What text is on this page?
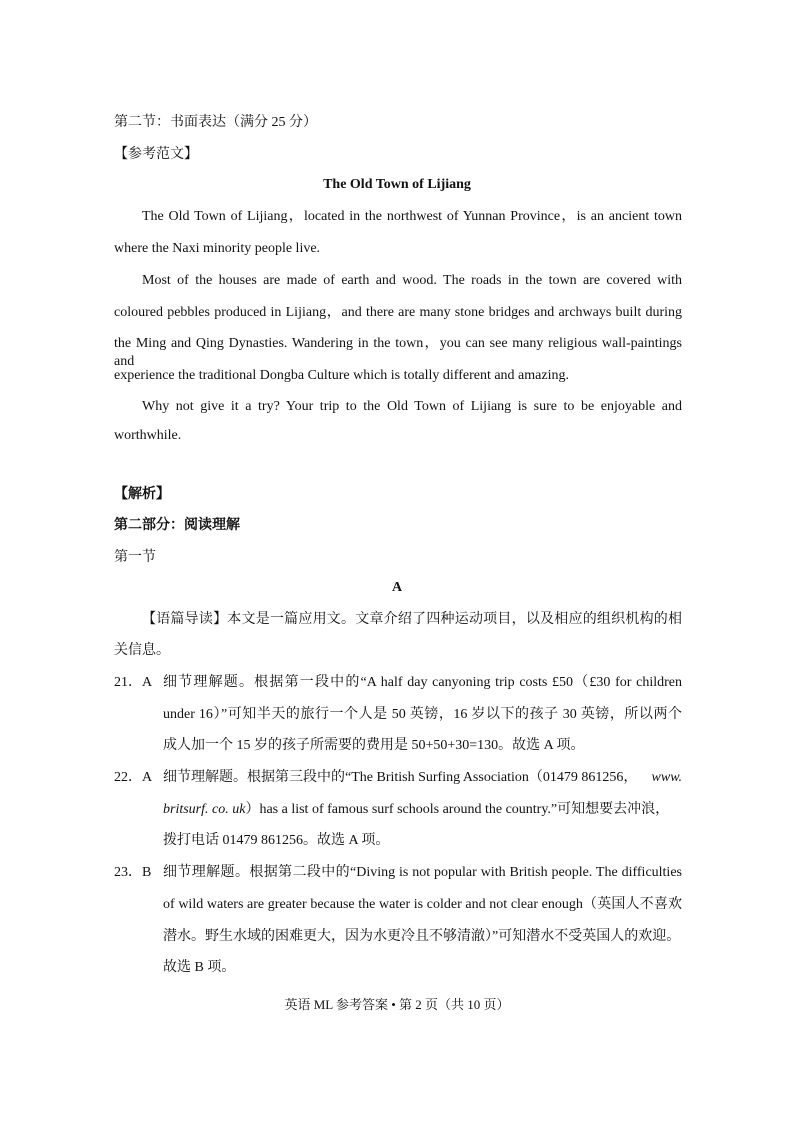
第二节：书面表达（满分 25 分）
【参考范文】
The Old Town of Lijiang
The Old Town of Lijiang，located in the northwest of Yunnan Province，is an ancient town
where the Naxi minority people live.
Most of the houses are made of earth and wood. The roads in the town are covered with
coloured pebbles produced in Lijiang，and there are many stone bridges and archways built during
the Ming and Qing Dynasties. Wandering in the town，you can see many religious wall-paintings and
experience the traditional Dongba Culture which is totally different and amazing.
Why not give it a try? Your trip to the Old Town of Lijiang is sure to be enjoyable and
worthwhile.
【解析】
第二部分：阅读理解
第一节
A
【语篇导读】本文是一篇应用文。文章介绍了四种运动项目，以及相应的组织机构的相
关信息。
21．A 细节理解题。根据第一段中的“A half day canyoning trip costs £50（£30 for children
under 16）”可知半天的旅行一个人是 50 英镑，16 岁以下的孩子 30 英镑，所以两个
成人加一个 15 岁的孩子所需要的费用是 50+50+30=130。故选 A 项。
22．A 细节理解题。根据第三段中的“The British Surfing Association（01479 861256， www.
britsurf. co. uk）has a list of famous surf schools around the country.”可知想要去冲浪，
拨打电话 01479 861256。故选 A 项。
23．B 细节理解题。根据第二段中的“Diving is not popular with British people. The difficulties
of wild waters are greater because the water is colder and not clear enough（英国人不喜欢
潜水。野生水域的困难更大，因为水更冷且不够清澈）”可知潜水不受英国人的欢迎。
故选 B 项。
英语 ML 参考答案 • 第 2 页（共 10 页）
